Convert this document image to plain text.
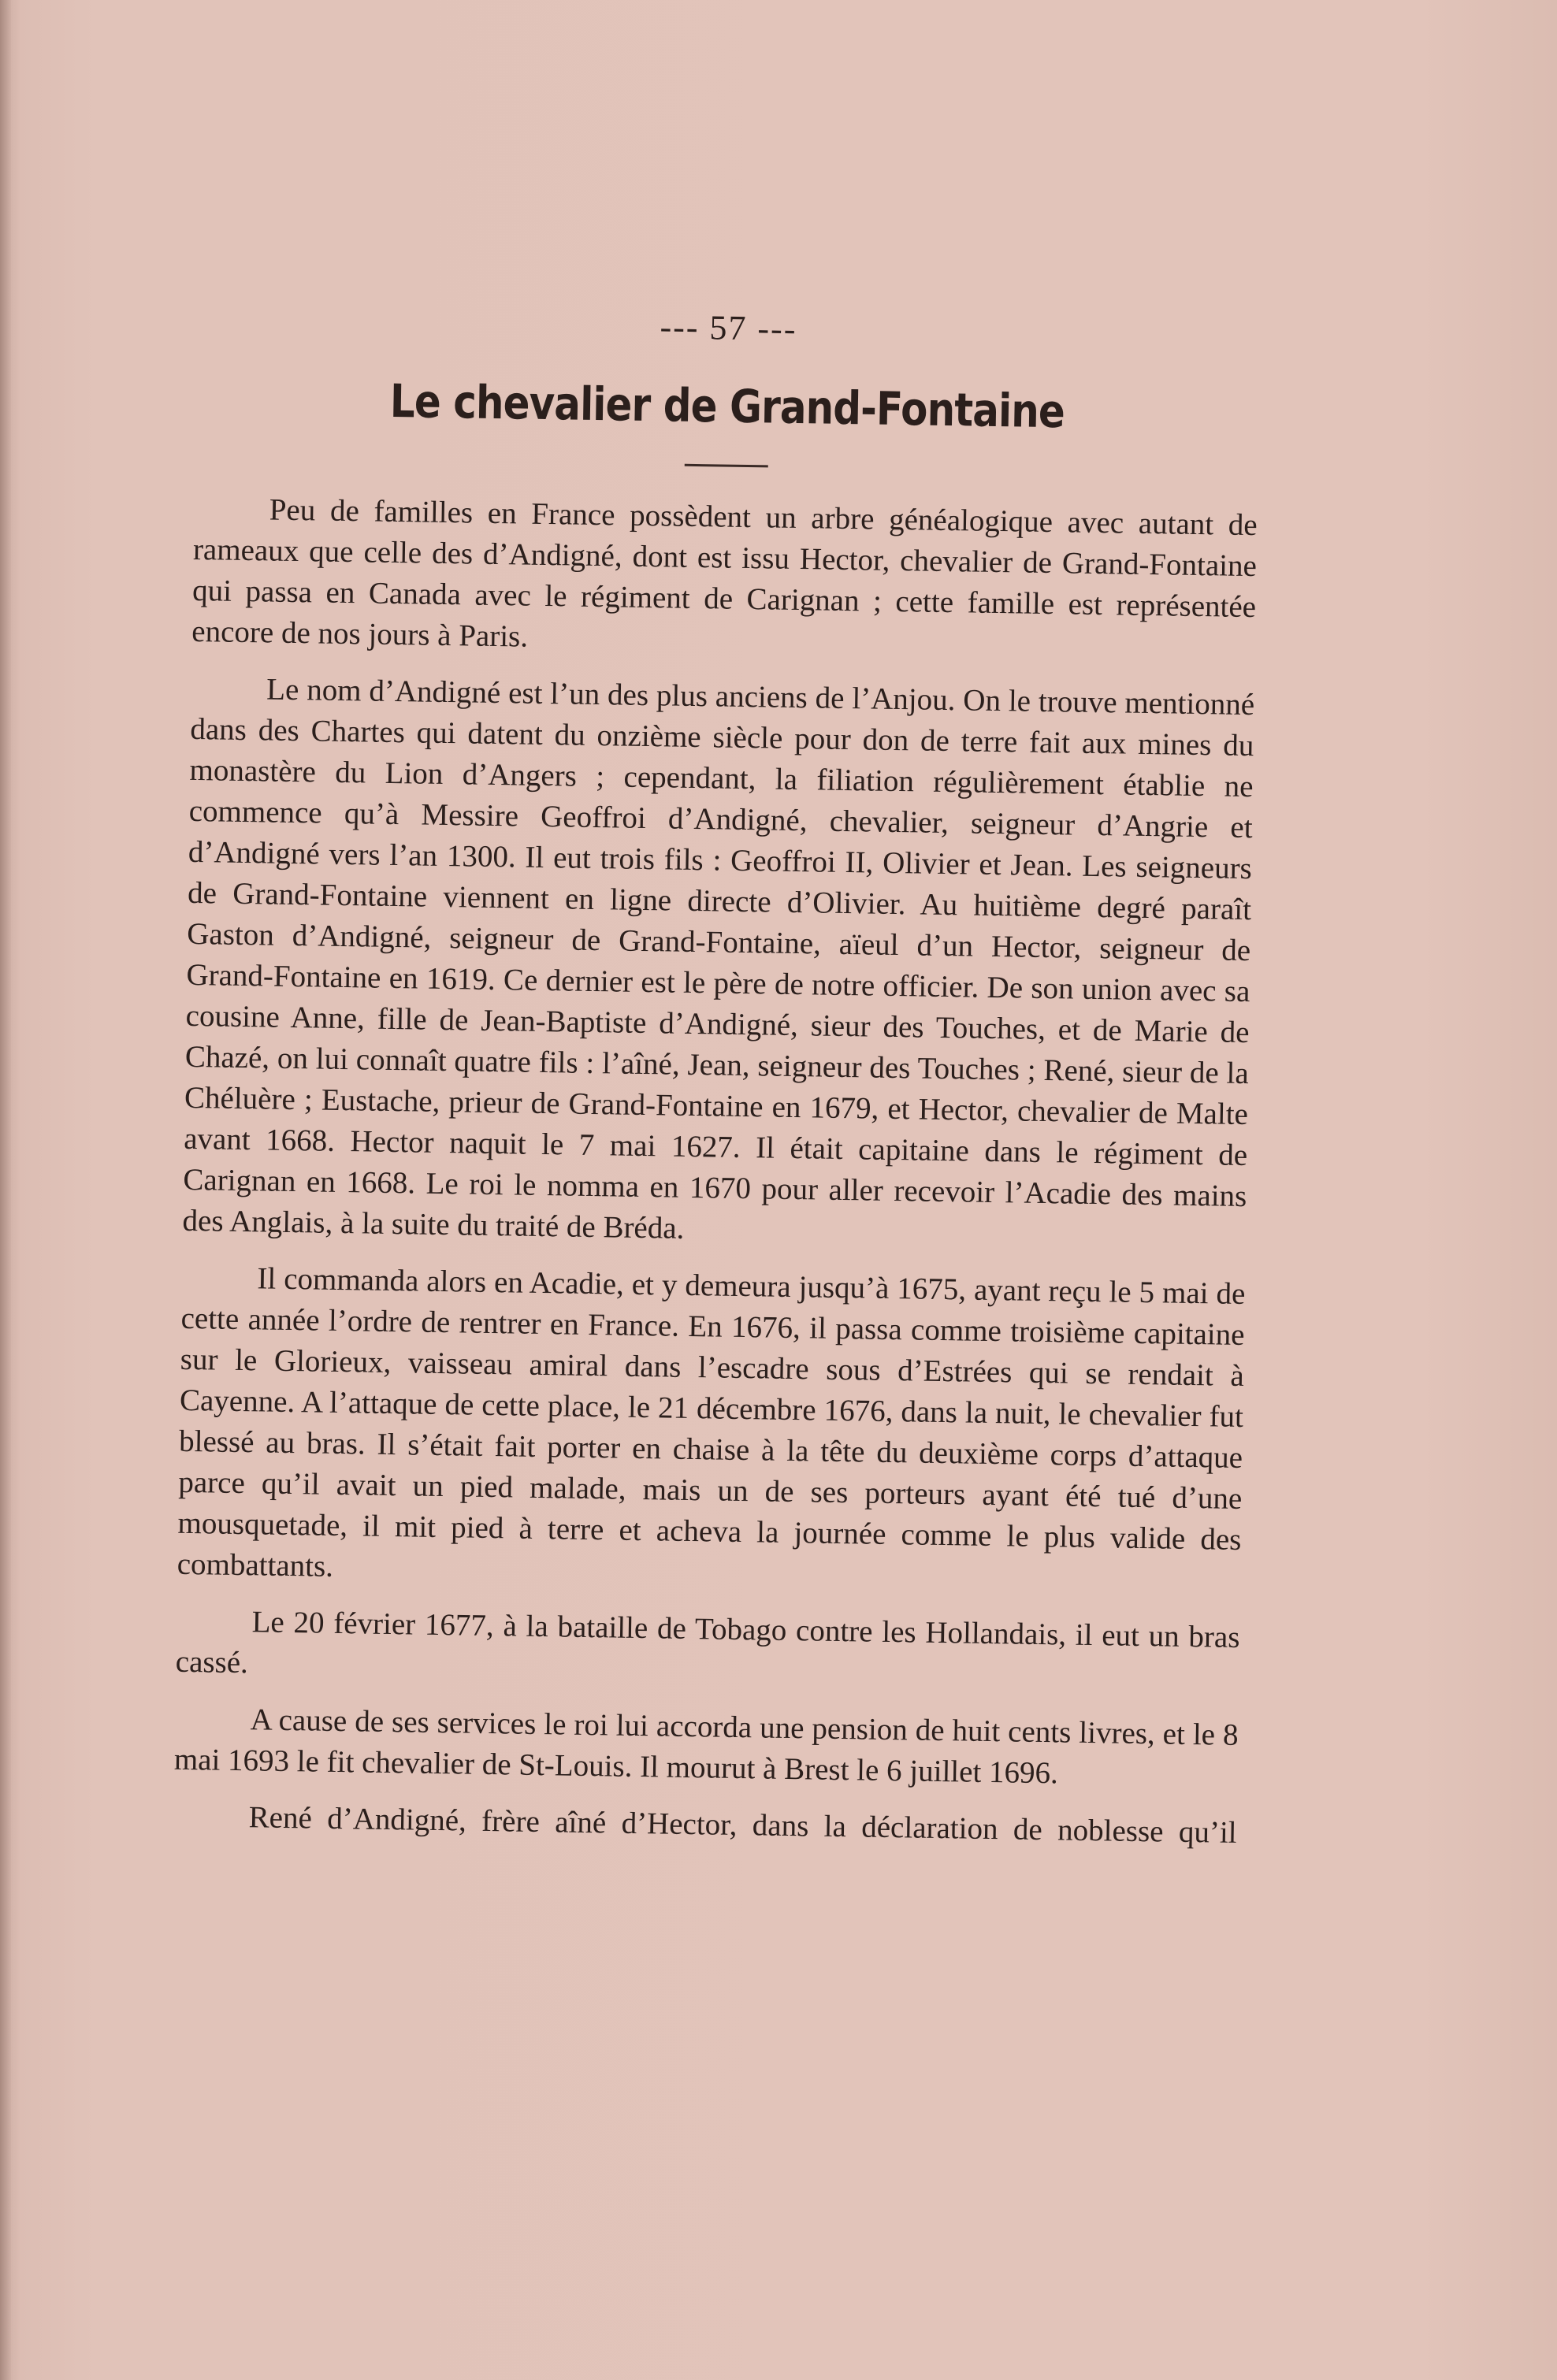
--- 57 ---
Le chevalier de Grand-Fontaine

Peu de familles en France possèdent un arbre généalogique avec autant de rameaux que celle des d’Andigné, dont est issu Hector, chevalier de Grand-Fontaine qui passa en Canada avec le régiment de Carignan ; cette famille est représentée encore de nos jours à Paris.

Le nom d’Andigné est l’un des plus anciens de l’Anjou. On le trouve mentionné dans des Chartes qui datent du onzième siècle pour don de terre fait aux mines du monastère du Lion d’Angers ; cependant, la filiation régulièrement établie ne commence qu’à Messire Geoffroi d’Andigné, chevalier, seigneur d’Angrie et d’Andigné vers l’an 1300. Il eut trois fils : Geoffroi II, Olivier et Jean. Les seigneurs de Grand-Fontaine viennent en ligne directe d’Olivier. Au huitième degré paraît Gaston d’Andigné, seigneur de Grand-Fontaine, aïeul d’un Hector, seigneur de Grand-Fontaine en 1619. Ce dernier est le père de notre officier. De son union avec sa cousine Anne, fille de Jean-Baptiste d’Andigné, sieur des Touches, et de Marie de Chazé, on lui connaît quatre fils : l’aîné, Jean, seigneur des Touches ; René, sieur de la Chéluère ; Eustache, prieur de Grand-Fontaine en 1679, et Hector, chevalier de Malte avant 1668. Hector naquit le 7 mai 1627. Il était capitaine dans le régiment de Carignan en 1668. Le roi le nomma en 1670 pour aller recevoir l’Acadie des mains des Anglais, à la suite du traité de Bréda.

Il commanda alors en Acadie, et y demeura jusqu’à 1675, ayant reçu le 5 mai de cette année l’ordre de rentrer en France. En 1676, il passa comme troisième capitaine sur le Glorieux, vaisseau amiral dans l’escadre sous d’Estrées qui se rendait à Cayenne. A l’attaque de cette place, le 21 décembre 1676, dans la nuit, le chevalier fut blessé au bras. Il s’était fait porter en chaise à la tête du deuxième corps d’attaque parce qu’il avait un pied malade, mais un de ses porteurs ayant été tué d’une mousquetade, il mit pied à terre et acheva la journée comme le plus valide des combattants.

Le 20 février 1677, à la bataille de Tobago contre les Hollandais, il eut un bras cassé.

A cause de ses services le roi lui accorda une pension de huit cents livres, et le 8 mai 1693 le fit chevalier de St-Louis. Il mourut à Brest le 6 juillet 1696.

René d’Andigné, frère aîné d’Hector, dans la déclaration de noblesse qu’il
